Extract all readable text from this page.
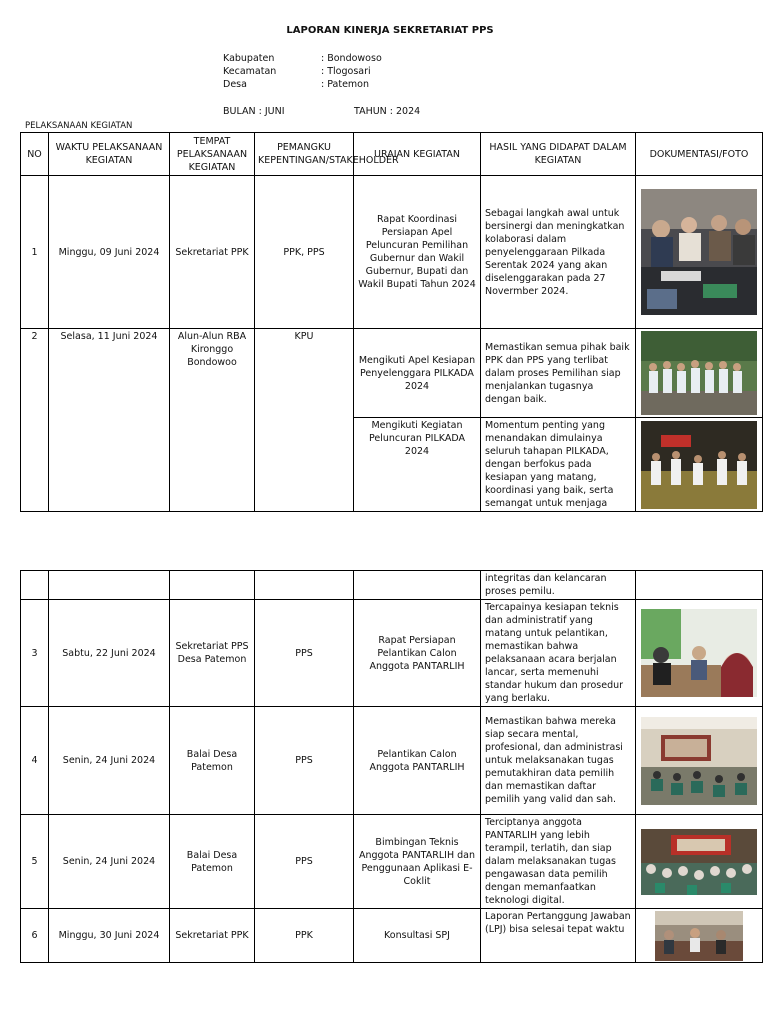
LAPORAN KINERJA SEKRETARIAT PPS
Kabupaten	: Bondowoso
Kecamatan	: Tlogosari
Desa	: Patemon
BULAN : JUNI	TAHUN : 2024
PELAKSANAAN KEGIATAN
NO	WAKTU PELAKSANAAN KEGIATAN	TEMPAT PELAKSANAAN KEGIATAN	PEMANGKU KEPENTINGAN/STAKEHOLDER	URAIAN KEGIATAN	HASIL YANG DIDAPAT DALAM KEGIATAN	DOKUMENTASI/FOTO
1	Minggu, 09 Juni 2024	Sekretariat PPK	PPK, PPS	Rapat Koordinasi Persiapan Apel Peluncuran Pemilihan Gubernur dan Wakil Gubernur, Bupati dan Wakil Bupati Tahun 2024	Sebagai langkah awal untuk bersinergi dan meningkatkan kolaborasi dalam penyelenggaraan Pilkada Serentak 2024 yang akan diselenggarakan pada 27 Novermber 2024.	

2	Selasa, 11 Juni 2024	Alun-Alun RBA Kironggo Bondowoo	KPU	Mengikuti Apel Kesiapan Penyelenggara PILKADA 2024	Memastikan semua pihak baik PPK dan PPS yang terlibat dalam proses Pemilihan siap menjalankan tugasnya dengan baik.	

				Mengikuti Kegiatan Peluncuran PILKADA 2024	Momentum penting yang menandakan dimulainya seluruh tahapan PILKADA, dengan berfokus pada kesiapan yang matang, koordinasi yang baik, serta semangat untuk menjaga	
					integritas dan kelancaran proses pemilu.	
3	Sabtu, 22 Juni 2024	Sekretariat PPS Desa Patemon	PPS	Rapat Persiapan Pelantikan Calon Anggota PANTARLIH	Tercapainya kesiapan teknis dan administratif yang matang untuk pelantikan, memastikan bahwa pelaksanaan acara berjalan lancar, serta memenuhi standar hukum dan prosedur yang berlaku.	

4	Senin, 24 Juni 2024	Balai Desa Patemon	PPS	Pelantikan Calon Anggota PANTARLIH	Memastikan bahwa mereka siap secara mental, profesional, dan administrasi untuk melaksanakan tugas pemutakhiran data pemilih dan memastikan daftar pemilih yang valid dan sah.	

5	Senin, 24 Juni 2024	Balai Desa Patemon	PPS	Bimbingan Teknis Anggota PANTARLIH dan Penggunaan Aplikasi E-Coklit	Terciptanya anggota PANTARLIH yang lebih terampil, terlatih, dan siap dalam melaksanakan tugas pengawasan data pemilih dengan memanfaatkan teknologi digital.	

6	Minggu, 30 Juni 2024	Sekretariat PPK	PPK	Konsultasi SPJ	Laporan Pertanggung Jawaban (LPJ) bisa selesai tepat waktu	
